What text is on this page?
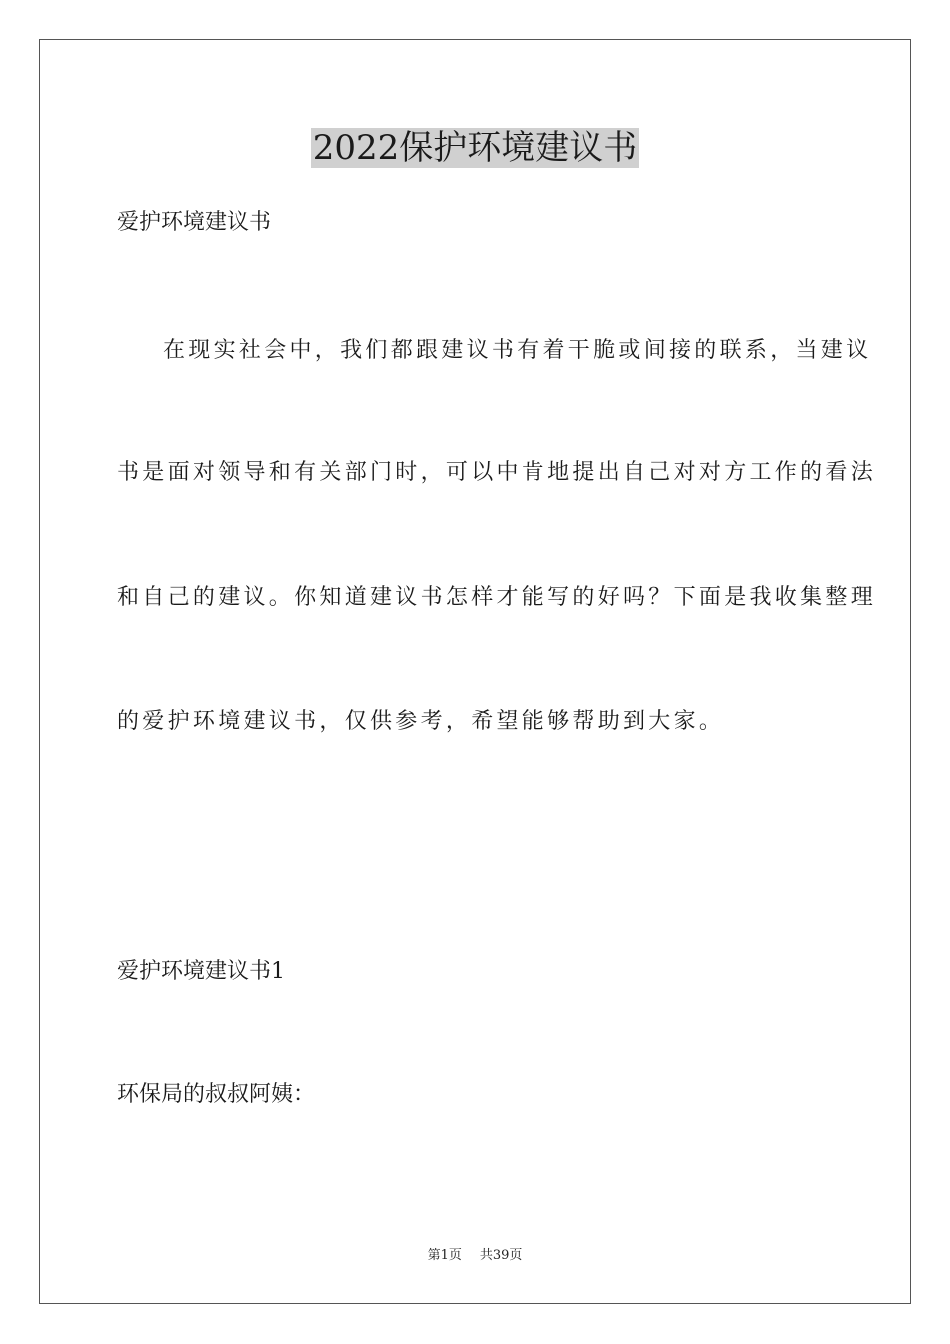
2022保护环境建议书

爱护环境建议书

在现实社会中，我们都跟建议书有着干脆或间接的联系，当建议

书是面对领导和有关部门时，可以中肯地提出自己对对方工作的看法

和自己的建议。你知道建议书怎样才能写的好吗？下面是我收集整理

的爱护环境建议书，仅供参考，希望能够帮助到大家。

爱护环境建议书1

环保局的叔叔阿姨：

第1页 共39页
